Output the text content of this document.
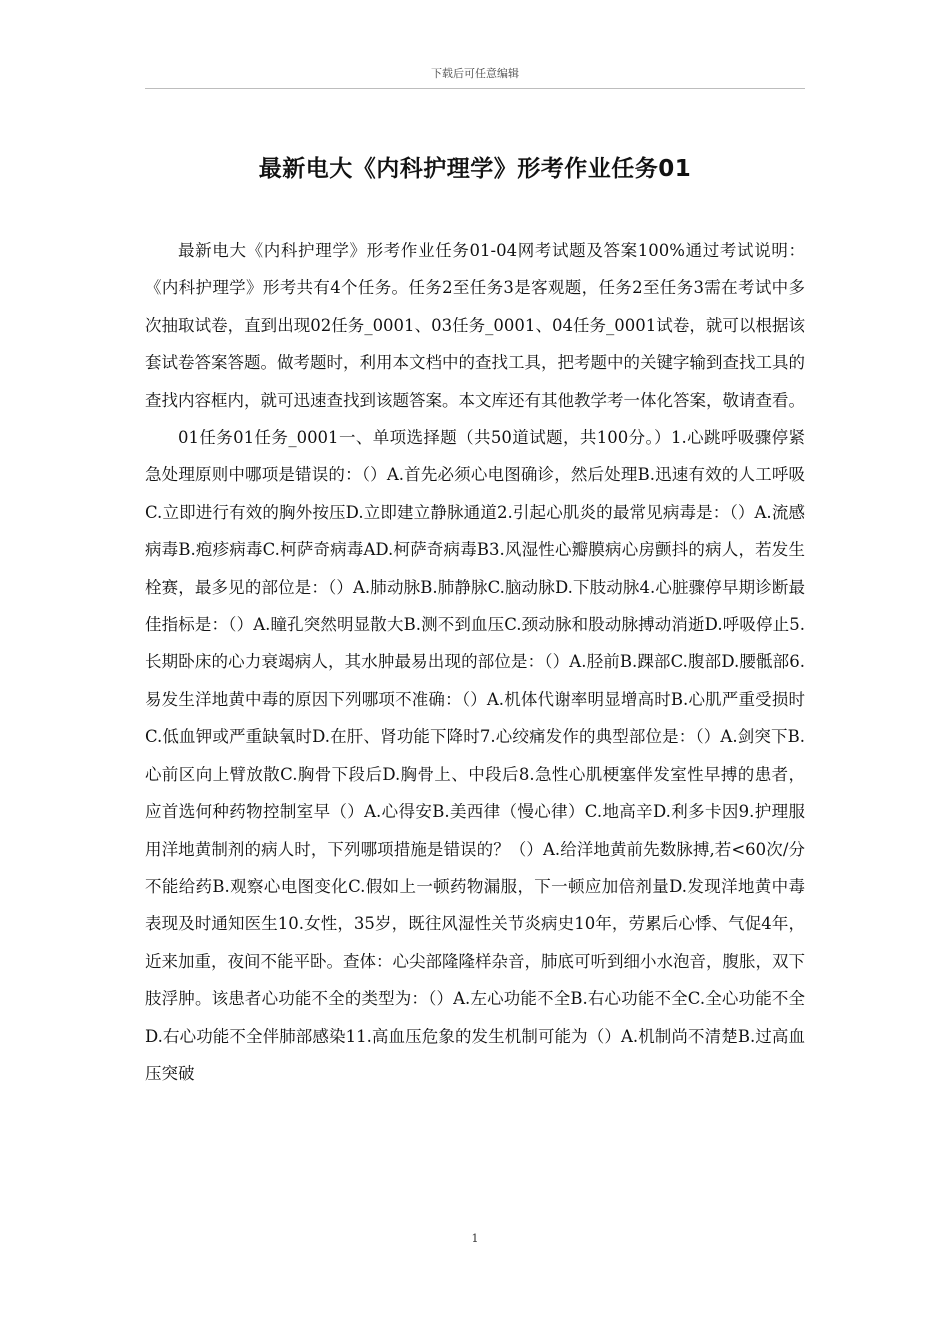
下载后可任意编辑
最新电大《内科护理学》形考作业任务01

最新电大《内科护理学》形考作业任务01-04网考试题及答案100%通过考试说明：《内科护理学》形考共有4个任务。任务2至任务3是客观题，任务2至任务3需在考试中多次抽取试卷，直到出现02任务_0001、03任务_0001、04任务_0001试卷，就可以根据该套试卷答案答题。做考题时，利用本文档中的查找工具，把考题中的关键字输到查找工具的查找内容框内，就可迅速查找到该题答案。本文库还有其他教学考一体化答案，敬请查看。

01任务01任务_0001一、单项选择题（共50道试题，共100分。）1.心跳呼吸骤停紧急处理原则中哪项是错误的：（）A.首先必须心电图确诊，然后处理B.迅速有效的人工呼吸C.立即进行有效的胸外按压D.立即建立静脉通道2.引起心肌炎的最常见病毒是：（）A.流感病毒B.疱疹病毒C.柯萨奇病毒AD.柯萨奇病毒B3.风湿性心瓣膜病心房颤抖的病人，若发生栓赛，最多见的部位是：（）A.肺动脉B.肺静脉C.脑动脉D.下肢动脉4.心脏骤停早期诊断最佳指标是：（）A.瞳孔突然明显散大B.测不到血压C.颈动脉和股动脉搏动消逝D.呼吸停止5.长期卧床的心力衰竭病人，其水肿最易出现的部位是：（）A.胫前B.踝部C.腹部D.腰骶部6.易发生洋地黄中毒的原因下列哪项不准确：（）A.机体代谢率明显增高时B.心肌严重受损时C.低血钾或严重缺氧时D.在肝、肾功能下降时7.心绞痛发作的典型部位是：（）A.剑突下B.心前区向上臂放散C.胸骨下段后D.胸骨上、中段后8.急性心肌梗塞伴发室性早搏的患者，应首选何种药物控制室早（）A.心得安B.美西律（慢心律）C.地高辛D.利多卡因9.护理服用洋地黄制剂的病人时，下列哪项措施是错误的？（）A.给洋地黄前先数脉搏,若<60次/分不能给药B.观察心电图变化C.假如上一顿药物漏服，下一顿应加倍剂量D.发现洋地黄中毒表现及时通知医生10.女性，35岁，既往风湿性关节炎病史10年，劳累后心悸、气促4年，近来加重，夜间不能平卧。查体：心尖部隆隆样杂音，肺底可听到细小水泡音，腹胀，双下肢浮肿。该患者心功能不全的类型为：（）A.左心功能不全B.右心功能不全C.全心功能不全D.右心功能不全伴肺部感染11.高血压危象的发生机制可能为（）A.机制尚不清楚B.过高血压突破

1
